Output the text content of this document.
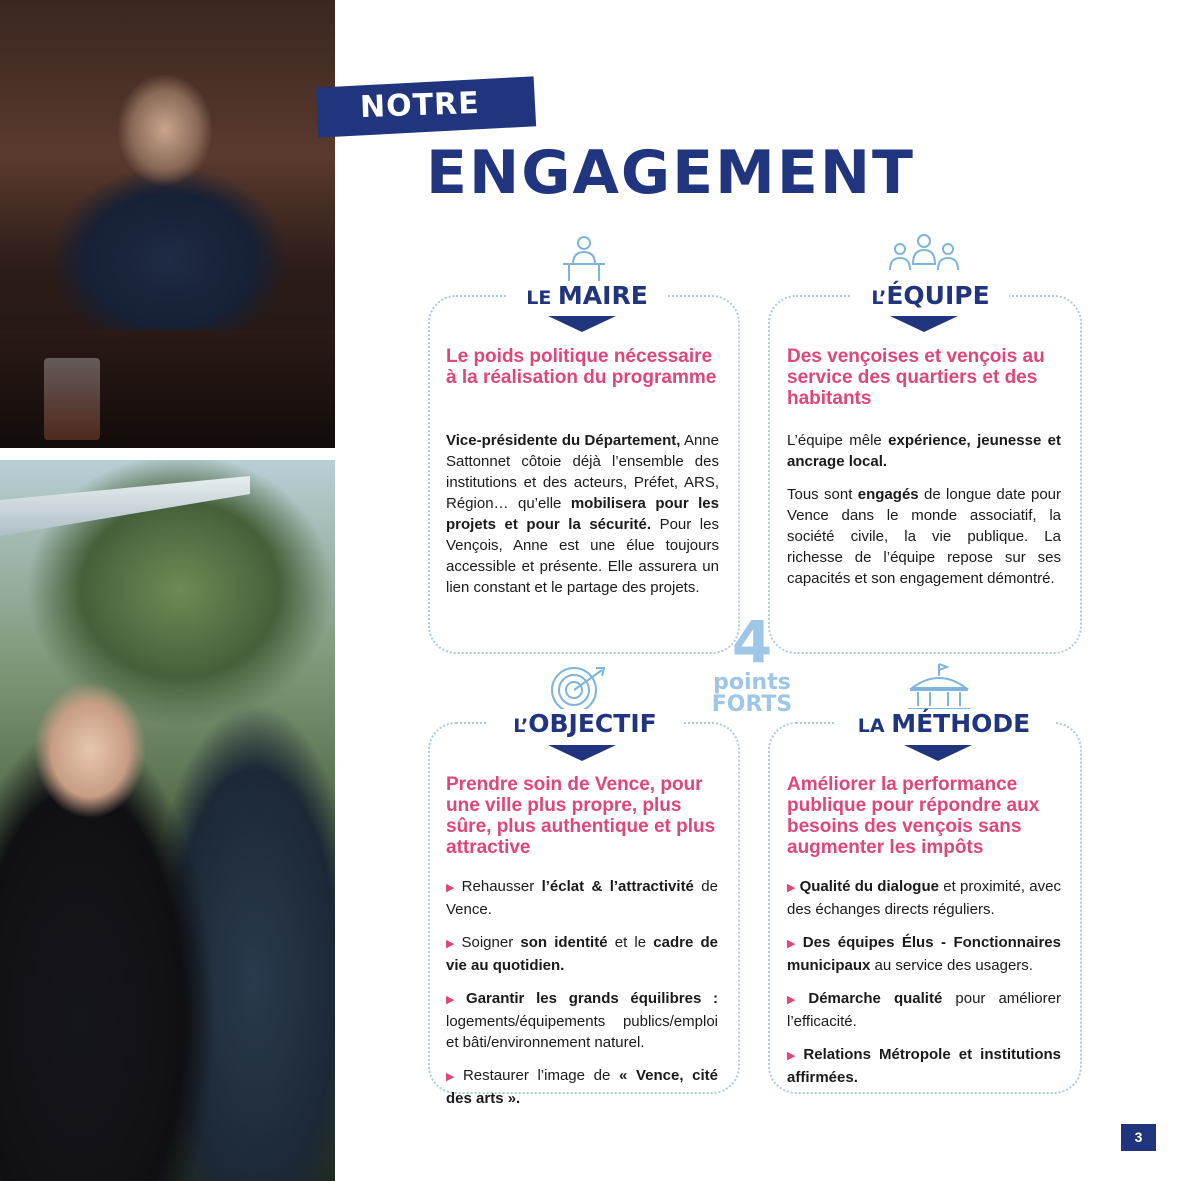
NOTRE
ENGAGEMENT
LE MAIRE
Le poids politique nécessaire à la réalisation du programme

Vice-présidente du Département, Anne Sattonnet côtoie déjà l’ensemble des institutions et des acteurs, Préfet, ARS, Région… qu’elle mobilisera pour les projets et pour la sécurité. Pour les Vençois, Anne est une élue toujours accessible et présente. Elle assurera un lien constant et le partage des projets.

L’ÉQUIPE
Des vençoises et vençois au service des quartiers et des habitants

L’équipe mêle expérience, jeunesse et ancrage local.

Tous sont engagés de longue date pour Vence dans le monde associatif, la société civile, la vie publique. La richesse de l’équipe repose sur ses capacités et son engagement démontré.

4
points
FORTS
L’OBJECTIF
Prendre soin de Vence, pour une ville plus propre, plus sûre, plus authentique et plus attractive

▶ Rehausser l’éclat & l’attractivité de Vence.

▶ Soigner son identité et le cadre de vie au quotidien.

▶ Garantir les grands équilibres : logements/équipements publics/emploi et bâti/environnement naturel.

▶ Restaurer l’image de « Vence, cité des arts ».

LA MÉTHODE
Améliorer la performance publique pour répondre aux besoins des vençois sans augmenter les impôts

▶ Qualité du dialogue et proximité, avec des échanges directs réguliers.

▶ Des équipes Élus - Fonctionnaires municipaux au service des usagers.

▶ Démarche qualité pour améliorer l’efficacité.

▶ Relations Métropole et institutions affirmées.

3
